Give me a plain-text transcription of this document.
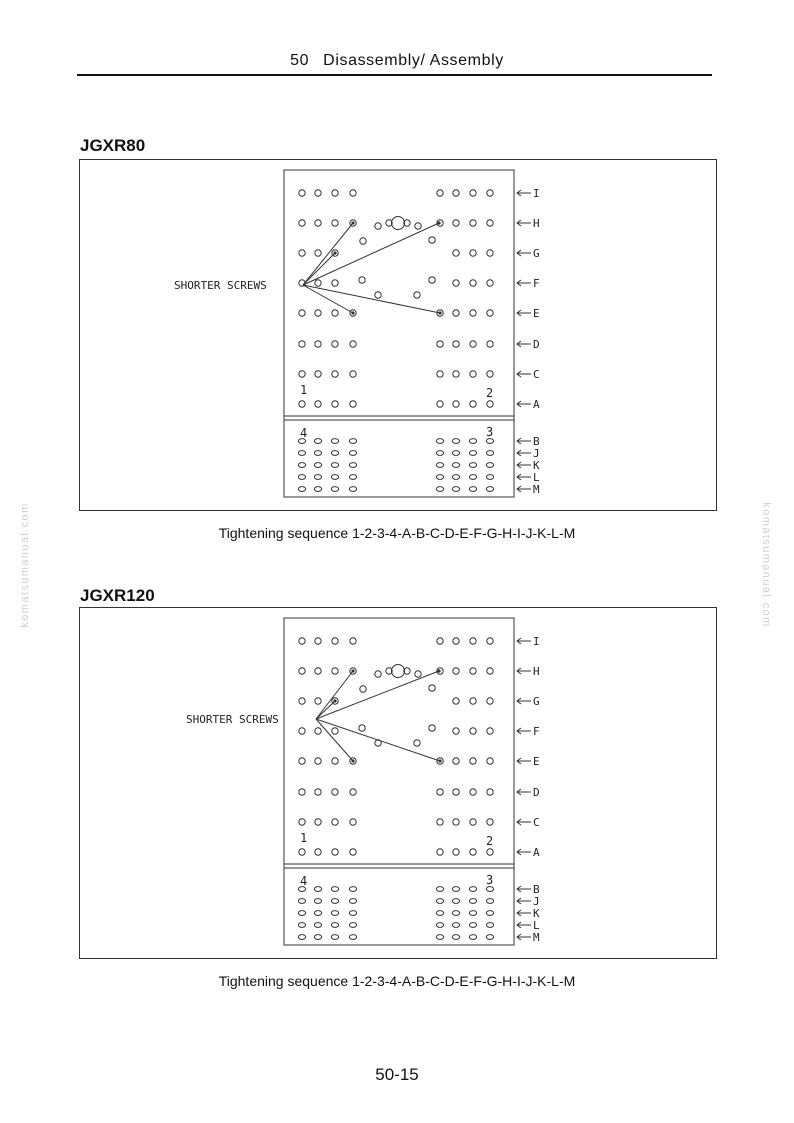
50 Disassembly/ Assembly
komatsumanual.com	komatsumanual.com
JGXR80
I
H
G
F
E
D
C
A
B
J
K
L
M
1	2
4	3
SHORTER SCREWS
Tightening sequence 1-2-3-4-A-B-C-D-E-F-G-H-I-J-K-L-M
JGXR120
I
H
G
F
E
D
C
A
B
J
K
L
M
1	2
4	3
SHORTER SCREWS
Tightening sequence 1-2-3-4-A-B-C-D-E-F-G-H-I-J-K-L-M
50-15
